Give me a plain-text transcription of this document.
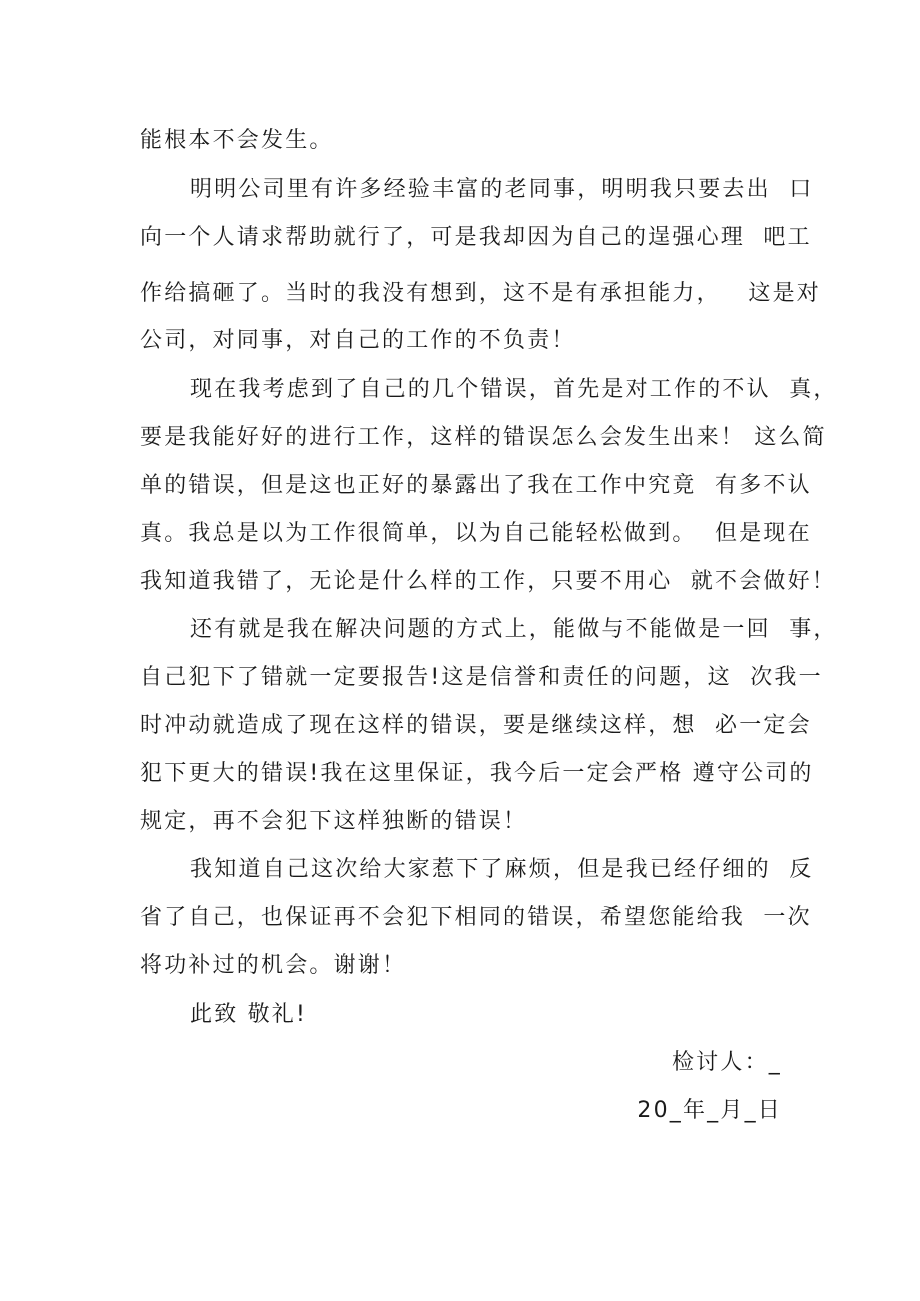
能根本不会发生。
明明公司里有许多经验丰富的老同事，明明我只要去出  口
向一个人请求帮助就行了，可是我却因为自己的逞强心理  吧工
作给搞砸了。当时的我没有想到，这不是有承担能力，   这是对
公司，对同事，对自己的工作的不负责！
现在我考虑到了自己的几个错误，首先是对工作的不认  真，
要是我能好好的进行工作，这样的错误怎么会发生出来！ 这么简
单的错误，但是这也正好的暴露出了我在工作中究竟  有多不认
真。我总是以为工作很简单，以为自己能轻松做到。  但是现在
我知道我错了，无论是什么样的工作，只要不用心  就不会做好！
还有就是我在解决问题的方式上，能做与不能做是一回  事，
自己犯下了错就一定要报告!这是信誉和责任的问题，这  次我一
时冲动就造成了现在这样的错误，要是继续这样，想  必一定会
犯下更大的错误!我在这里保证，我今后一定会严格 遵守公司的
规定，再不会犯下这样独断的错误！
我知道自己这次给大家惹下了麻烦，但是我已经仔细的  反
省了自己，也保证再不会犯下相同的错误，希望您能给我  一次
将功补过的机会。谢谢！
此致 敬礼!
检讨人：_
20_年_月_日
